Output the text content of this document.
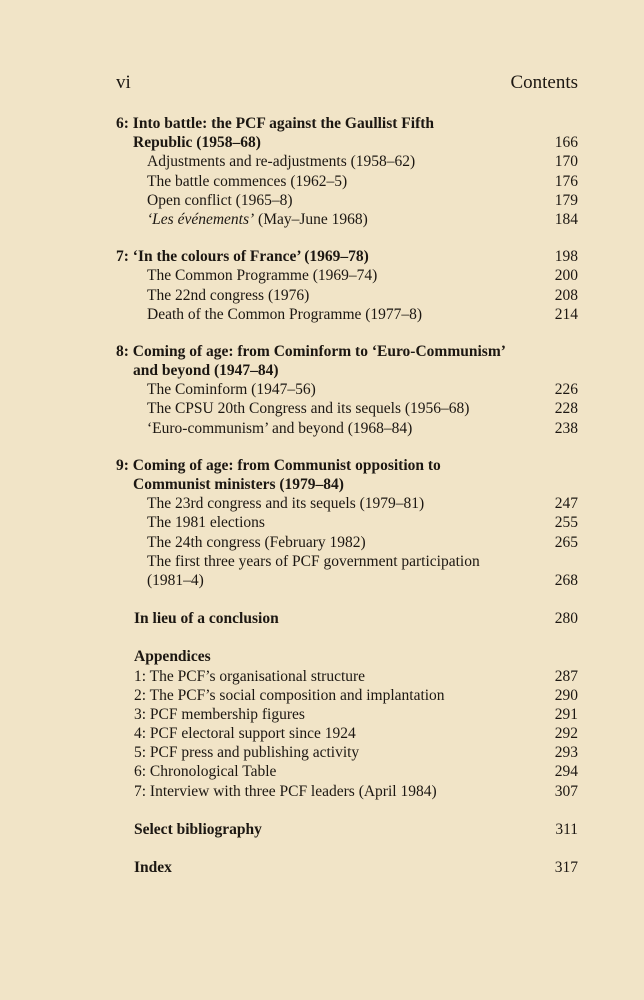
vi	Contents
6: Into battle: the PCF against the Gaullist Fifth
Republic (1958–68)	166
Adjustments and re-adjustments (1958–62)	170
The battle commences (1962–5)	176
Open conflict (1965–8)	179
‘Les événements’ (May–June 1968)	184
7: ‘In the colours of France’ (1969–78)	198
The Common Programme (1969–74)	200
The 22nd congress (1976)	208
Death of the Common Programme (1977–8)	214
8: Coming of age: from Cominform to ‘Euro-Communism’
and beyond (1947–84)
The Cominform (1947–56)	226
The CPSU 20th Congress and its sequels (1956–68)	228
‘Euro-communism’ and beyond (1968–84)	238
9: Coming of age: from Communist opposition to
Communist ministers (1979–84)
The 23rd congress and its sequels (1979–81)	247
The 1981 elections	255
The 24th congress (February 1982)	265
The first three years of PCF government participation
(1981–4)	268
In lieu of a conclusion	280
Appendices
1: The PCF’s organisational structure	287
2: The PCF’s social composition and implantation	290
3: PCF membership figures	291
4: PCF electoral support since 1924	292
5: PCF press and publishing activity	293
6: Chronological Table	294
7: Interview with three PCF leaders (April 1984)	307
Select bibliography	311
Index	317
